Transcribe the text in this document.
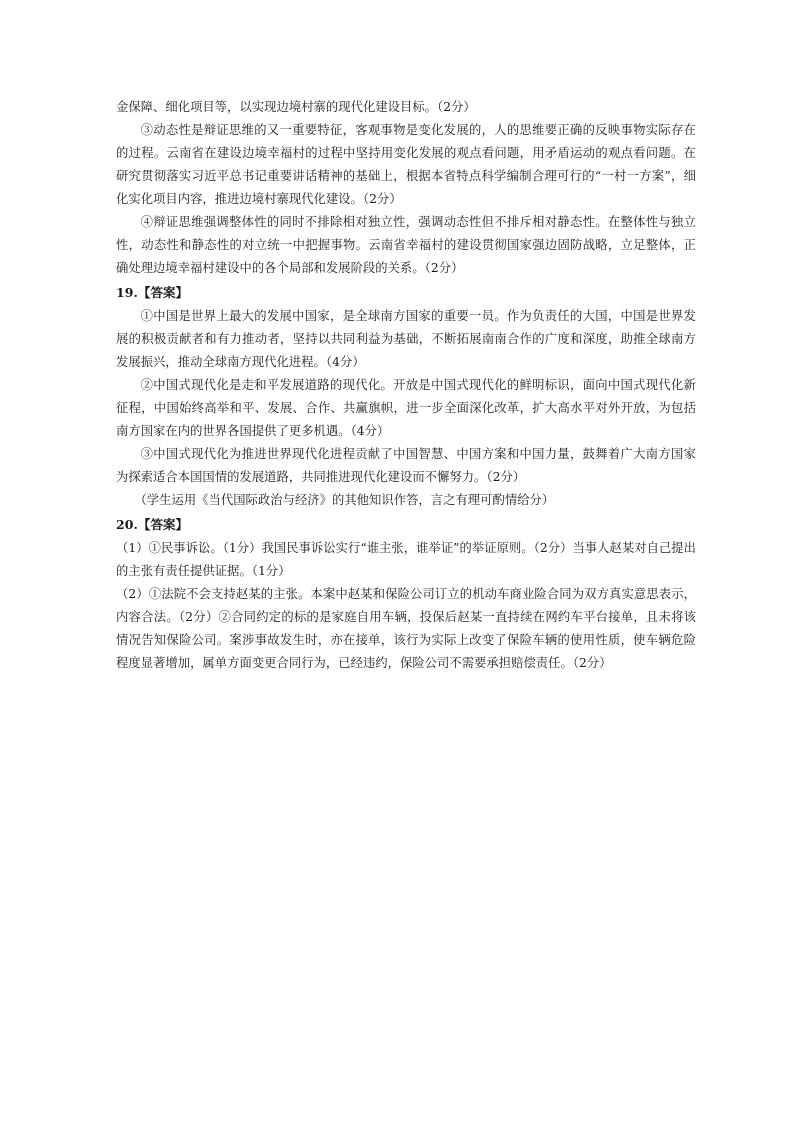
金保障、细化项目等，以实现边境村寨的现代化建设目标。（2分）

③动态性是辩证思维的又一重要特征，客观事物是变化发展的，人的思维要正确的反映事物实际存在的过程。云南省在建设边境幸福村的过程中坚持用变化发展的观点看问题，用矛盾运动的观点看问题。在研究贯彻落实习近平总书记重要讲话精神的基础上，根据本省特点科学编制合理可行的“一村一方案”，细化实化项目内容，推进边境村寨现代化建设。（2分）

④辩证思维强调整体性的同时不排除相对独立性，强调动态性但不排斥相对静态性。在整体性与独立性，动态性和静态性的对立统一中把握事物。云南省幸福村的建设贯彻国家强边固防战略，立足整体，正确处理边境幸福村建设中的各个局部和发展阶段的关系。（2分）

19.【答案】

①中国是世界上最大的发展中国家，是全球南方国家的重要一员。作为负责任的大国，中国是世界发展的积极贡献者和有力推动者，坚持以共同利益为基础，不断拓展南南合作的广度和深度，助推全球南方发展振兴，推动全球南方现代化进程。（4分）

②中国式现代化是走和平发展道路的现代化。开放是中国式现代化的鲜明标识，面向中国式现代化新征程，中国始终高举和平、发展、合作、共赢旗帜，进一步全面深化改革，扩大高水平对外开放，为包括南方国家在内的世界各国提供了更多机遇。（4分）

③中国式现代化为推进世界现代化进程贡献了中国智慧、中国方案和中国力量，鼓舞着广大南方国家为探索适合本国国情的发展道路，共同推进现代化建设而不懈努力。（2分）

（学生运用《当代国际政治与经济》的其他知识作答，言之有理可酌情给分）

20.【答案】

（1）①民事诉讼。（1分）我国民事诉讼实行“谁主张，谁举证”的举证原则。（2分）当事人赵某对自己提出的主张有责任提供证据。（1分）

（2）①法院不会支持赵某的主张。本案中赵某和保险公司订立的机动车商业险合同为双方真实意思表示，内容合法。（2分）②合同约定的标的是家庭自用车辆，投保后赵某一直持续在网约车平台接单，且未将该情况告知保险公司。案涉事故发生时，亦在接单，该行为实际上改变了保险车辆的使用性质，使车辆危险程度显著增加，属单方面变更合同行为，已经违约，保险公司不需要承担赔偿责任。（2分）
